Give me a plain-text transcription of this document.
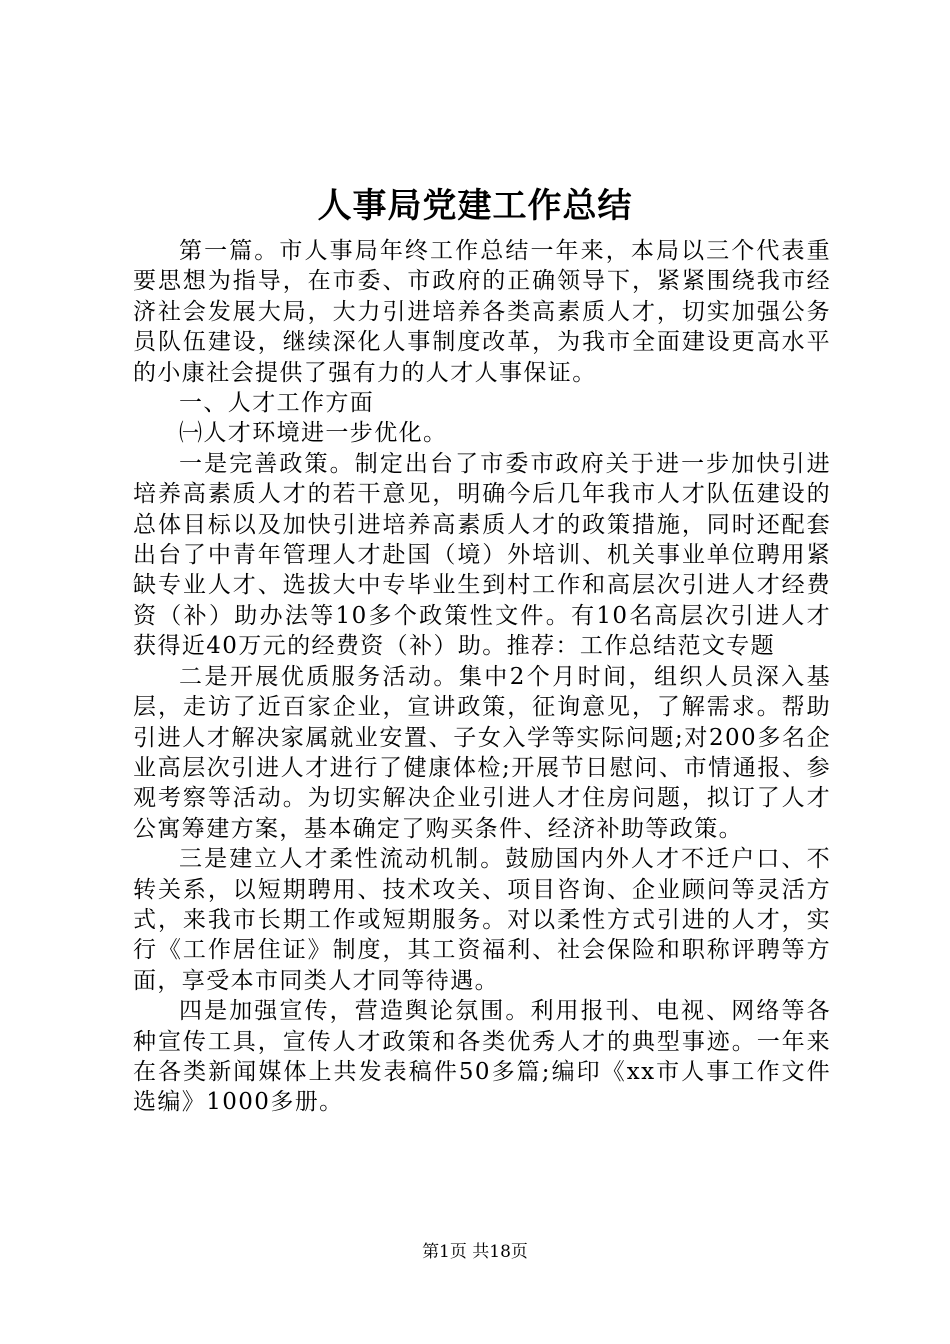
人事局党建工作总结

第一篇。市人事局年终工作总结一年来，本局以三个代表重要思想为指导，在市委、市政府的正确领导下，紧紧围绕我市经济社会发展大局，大力引进培养各类高素质人才，切实加强公务员队伍建设，继续深化人事制度改革，为我市全面建设更高水平的小康社会提供了强有力的人才人事保证。

一、人才工作方面

㈠人才环境进一步优化。

一是完善政策。制定出台了市委市政府关于进一步加快引进培养高素质人才的若干意见，明确今后几年我市人才队伍建设的总体目标以及加快引进培养高素质人才的政策措施，同时还配套出台了中青年管理人才赴国（境）外培训、机关事业单位聘用紧缺专业人才、选拔大中专毕业生到村工作和高层次引进人才经费资（补）助办法等10多个政策性文件。有10名高层次引进人才获得近40万元的经费资（补）助。推荐：工作总结范文专题

二是开展优质服务活动。集中2个月时间，组织人员深入基层，走访了近百家企业，宣讲政策，征询意见，了解需求。帮助引进人才解决家属就业安置、子女入学等实际问题;对200多名企业高层次引进人才进行了健康体检;开展节日慰问、市情通报、参观考察等活动。为切实解决企业引进人才住房问题，拟订了人才公寓筹建方案，基本确定了购买条件、经济补助等政策。

三是建立人才柔性流动机制。鼓励国内外人才不迁户口、不转关系，以短期聘用、技术攻关、项目咨询、企业顾问等灵活方式，来我市长期工作或短期服务。对以柔性方式引进的人才，实行《工作居住证》制度，其工资福利、社会保险和职称评聘等方面，享受本市同类人才同等待遇。

四是加强宣传，营造舆论氛围。利用报刊、电视、网络等各种宣传工具，宣传人才政策和各类优秀人才的典型事迹。一年来在各类新闻媒体上共发表稿件50多篇;编印《xx市人事工作文件选编》1000多册。

第1页 共18页
